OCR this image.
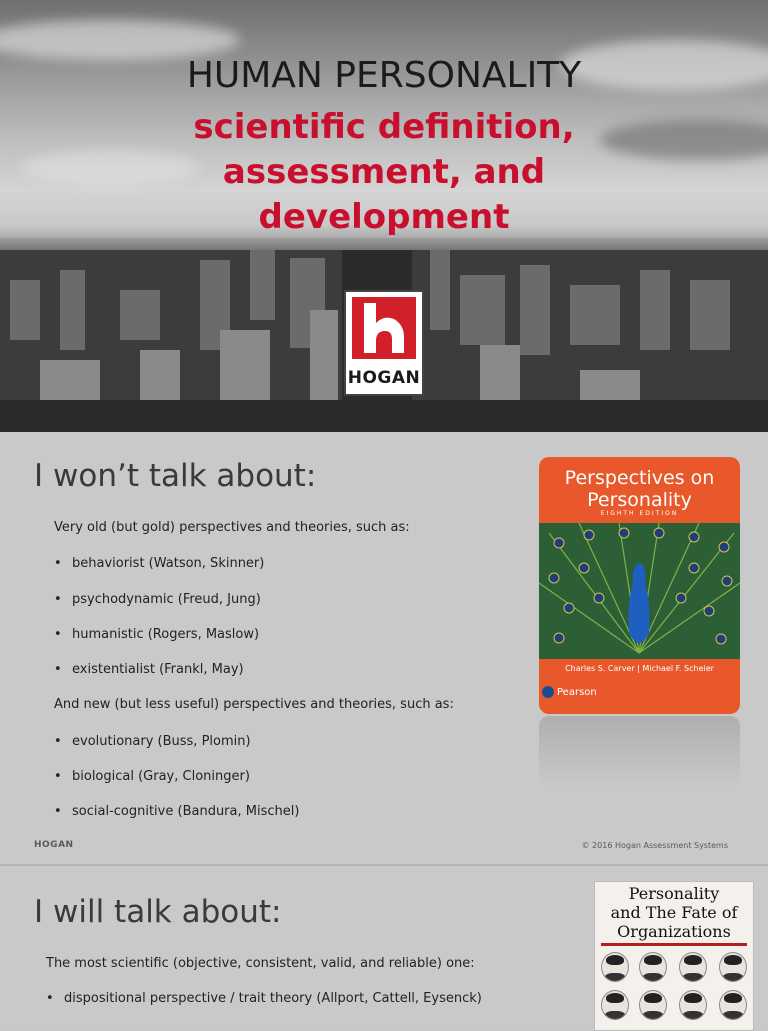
HUMAN PERSONALITY
scientific definition,
assessment, and
development
HOGAN
I won’t talk about:
Very old (but gold) perspectives and theories, such as:
• behaviorist (Watson, Skinner)
• psychodynamic (Freud, Jung)
• humanistic (Rogers, Maslow)
• existentialist (Frankl, May)
And new (but less useful) perspectives and theories, such as:
• evolutionary (Buss, Plomin)
• biological (Gray, Cloninger)
• social-cognitive (Bandura, Mischel)
HOGAN	© 2016 Hogan Assessment Systems
Perspectives on
Personality
EIGHTH EDITION
Charles S. Carver | Michael F. Scheier
Pearson
I will talk about:
The most scientific (objective, consistent, valid, and reliable) one:
• dispositional perspective / trait theory (Allport, Cattell, Eysenck)
Personality
and The Fate of
Organizations
